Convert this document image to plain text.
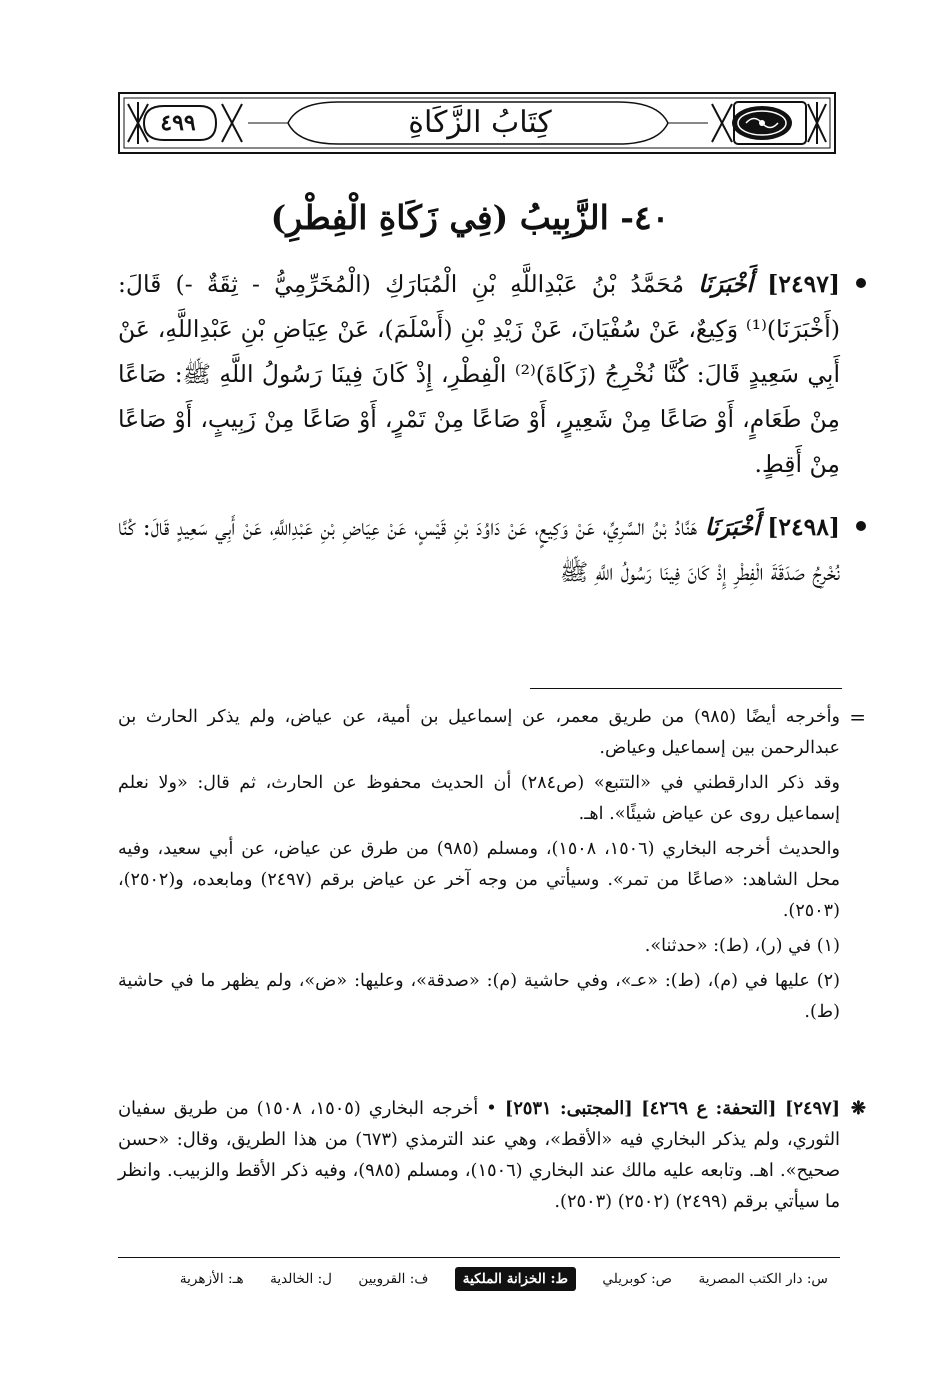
٤٩٩	كِتَابُ الزَّكَاةِ
٤٠- الزَّبِيبُ (فِي زَكَاةِ الْفِطْرِ)

[٢٤٩٧] أَخْبَرَنَا مُحَمَّدُ بْنُ عَبْدِاللَّهِ بْنِ الْمُبَارَكِ (الْمُخَرِّمِيُّ - ثِقَةٌ -) قَالَ: (أَخْبَرَنَا)⁽¹⁾ وَكِيعٌ، عَنْ سُفْيَانَ، عَنْ زَيْدِ بْنِ (أَسْلَمَ)، عَنْ عِيَاضِ بْنِ عَبْدِاللَّهِ، عَنْ أَبِي سَعِيدٍ قَالَ: كُنَّا نُخْرِجُ (زَكَاةَ)⁽²⁾ الْفِطْرِ، إِذْ كَانَ فِينَا رَسُولُ اللَّهِ ﷺ: صَاعًا مِنْ طَعَامٍ، أَوْ صَاعًا مِنْ شَعِيرٍ، أَوْ صَاعًا مِنْ تَمْرٍ، أَوْ صَاعًا مِنْ زَبِيبٍ، أَوْ صَاعًا مِنْ أَقِطٍ.

[٢٤٩٨] أَخْبَرَنَا هَنَّادُ بْنُ السَّرِيِّ، عَنْ وَكِيعٍ، عَنْ دَاوُدَ بْنِ قَيْسٍ، عَنْ عِيَاضِ بْنِ عَبْدِاللَّهِ، عَنْ أَبِي سَعِيدٍ قَالَ: كُنَّا نُخْرِجُ صَدَقَةَ الْفِطْرِ إِذْ كَانَ فِينَا رَسُولُ اللَّهِ ﷺ

=
وأخرجه أيضًا (٩٨٥) من طريق معمر، عن إسماعيل بن أمية، عن عياض، ولم يذكر الحارث بن عبدالرحمن بين إسماعيل وعياض.

وقد ذكر الدارقطني في «التتبع» (ص٢٨٤) أن الحديث محفوظ عن الحارث، ثم قال: «ولا نعلم إسماعيل روى عن عياض شيئًا». اهـ.

والحديث أخرجه البخاري (١٥٠٦، ١٥٠٨)، ومسلم (٩٨٥) من طرق عن عياض، عن أبي سعيد، وفيه محل الشاهد: «صاعًا من تمر». وسيأتي من وجه آخر عن عياض برقم (٢٤٩٧) ومابعده، و(٢٥٠٢)، (٢٥٠٣).

(١) في (ر)، (ط): «حدثنا».

(٢) عليها في (م)، (ط): «عـ»، وفي حاشية (م): «صدقة»، وعليها: «ض»، ولم يظهر ما في حاشية (ط).

❋
[٢٤٩٧] [التحفة: ع ٤٢٦٩] [المجتبى: ٢٥٣١] • أخرجه البخاري (١٥٠٥، ١٥٠٨) من طريق سفيان الثوري، ولم يذكر البخاري فيه «الأقط»، وهي عند الترمذي (٦٧٣) من هذا الطريق، وقال: «حسن صحيح». اهـ. وتابعه عليه مالك عند البخاري (١٥٠٦)، ومسلم (٩٨٥)، وفيه ذكر الأقط والزبيب. وانظر ما سيأتي برقم (٢٤٩٩) (٢٥٠٢) (٢٥٠٣).

س: دار الكتب المصرية ص: كوبريلي ط: الخزانة الملكية ف: القرويين ل: الخالدية هـ: الأزهرية
